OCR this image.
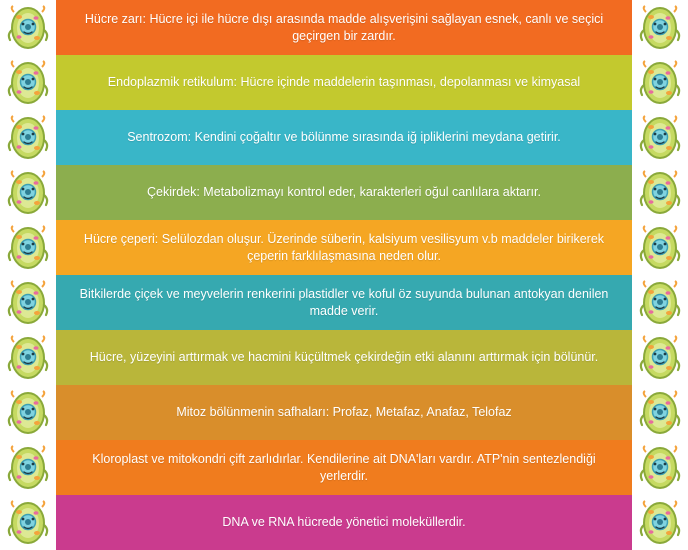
Hücre zarı: Hücre içi ile hücre dışı arasında madde alışverişini sağlayan esnek, canlı ve seçici geçirgen bir zardır.
Endoplazmik retikulum: Hücre içinde maddelerin taşınması, depolanması ve kimyasal
Sentrozom: Kendini çoğaltır ve bölünme sırasında iğ ipliklerini meydana getirir.
Çekirdek: Metabolizmayı kontrol eder, karakterleri oğul canlılara aktarır.
Hücre çeperi: Selülozdan oluşur. Üzerinde süberin, kalsiyum vesilisyum v.b maddeler birikerek çeperin farklılaşmasına neden olur.
Bitkilerde çiçek ve meyvelerin renkerini plastidler ve koful öz suyunda bulunan antokyan denilen madde verir.
Hücre, yüzeyini arttırmak ve hacmini küçültmek çekirdeğin etki alanını arttırmak için bölünür.
Mitoz bölünmenin safhaları: Profaz, Metafaz, Anafaz, Telofaz
Kloroplast ve mitokondri çift zarlıdırlar. Kendilerine ait DNA'ları vardır. ATP'nin sentezlendiği yerlerdir.
DNA ve RNA hücrede yönetici moleküllerdir.
